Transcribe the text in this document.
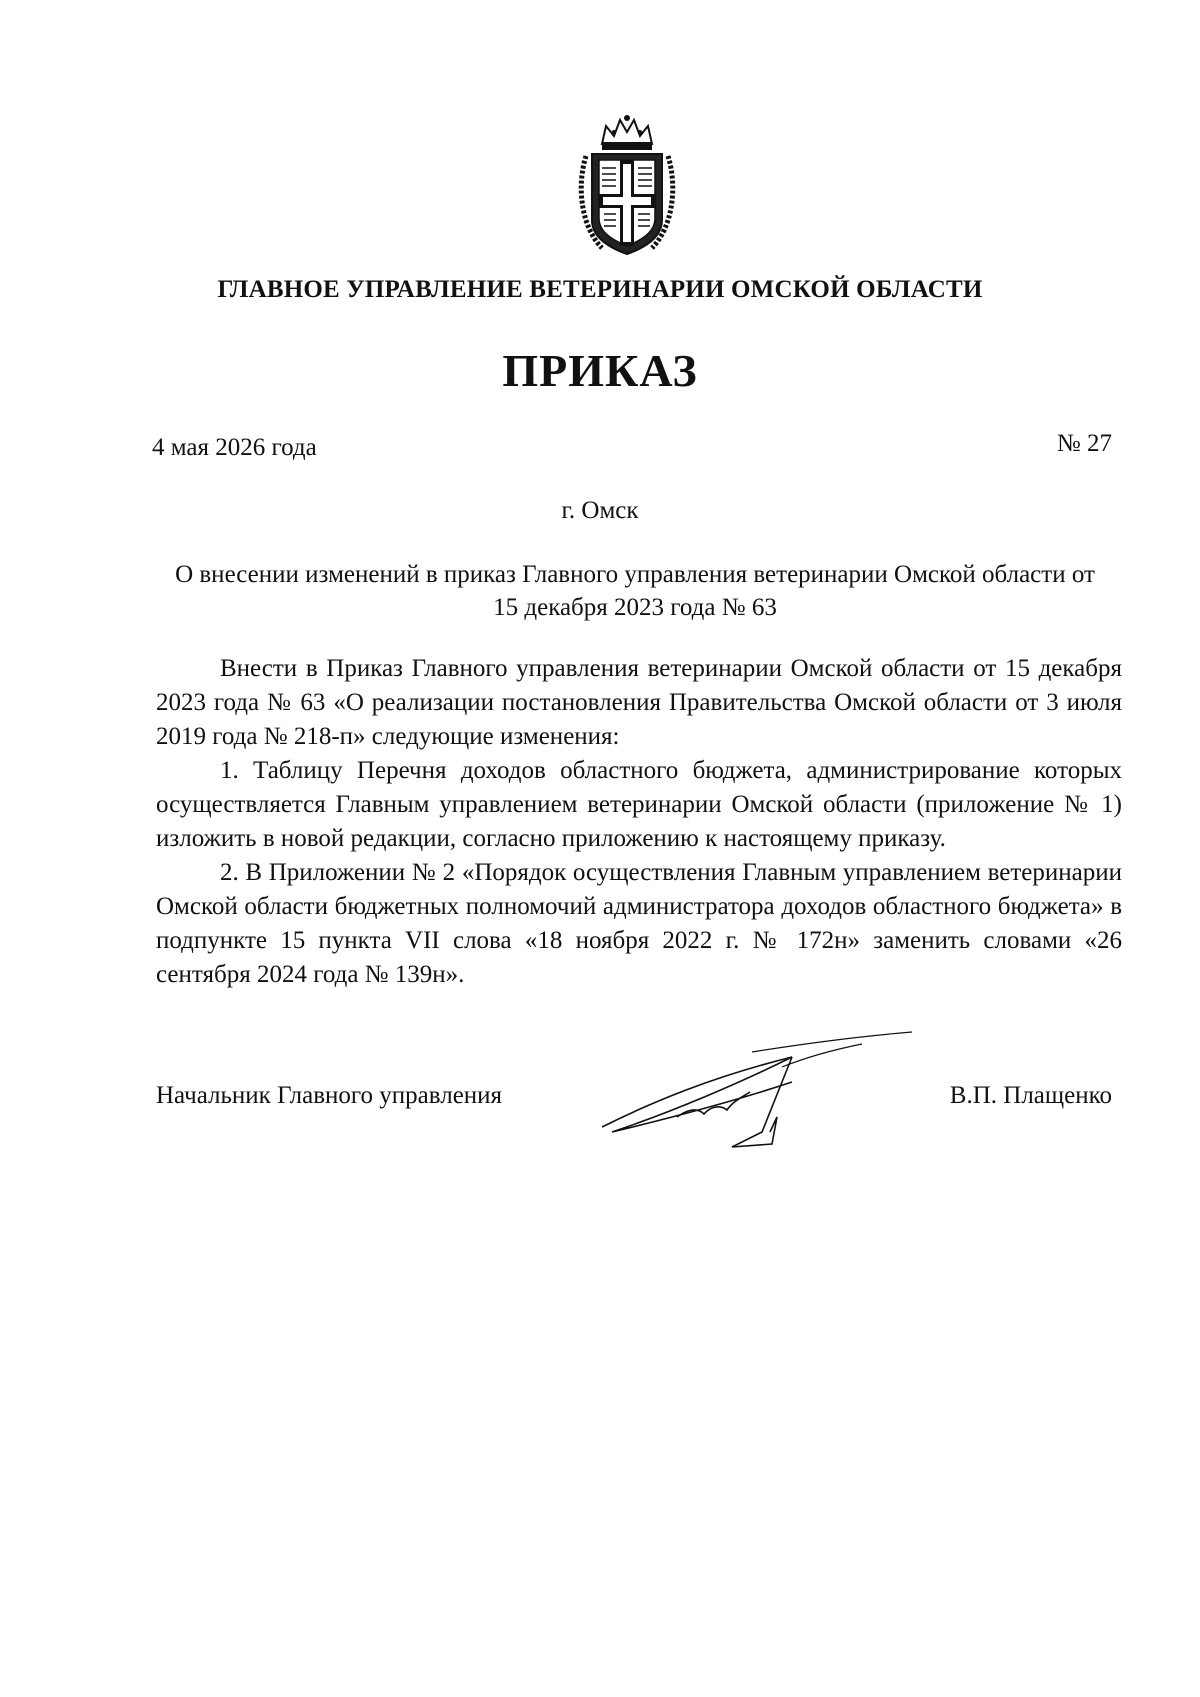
ГЛАВНОЕ УПРАВЛЕНИЕ ВЕТЕРИНАРИИ ОМСКОЙ ОБЛАСТИ
ПРИКАЗ
4 мая 2026 года	№ 27
г. Омск
О внесении изменений в приказ Главного управления ветеринарии Омской области от 15 декабря 2023 года № 63

Внести в Приказ Главного управления ветеринарии Омской области от 15 декабря 2023 года № 63 «О реализации постановления Правительства Омской области от 3 июля 2019 года № 218-п» следующие изменения:

1. Таблицу Перечня доходов областного бюджета, администрирование которых осуществляется Главным управлением ветеринарии Омской области (приложение № 1) изложить в новой редакции, согласно приложению к настоящему приказу.

2. В Приложении № 2 «Порядок осуществления Главным управлением ветеринарии Омской области бюджетных полномочий администратора доходов областного бюджета» в подпункте 15 пункта VII слова «18 ноября 2022 г. № 172н» заменить словами «26 сентября 2024 года № 139н».

Начальник Главного управления	В.П. Плащенко
